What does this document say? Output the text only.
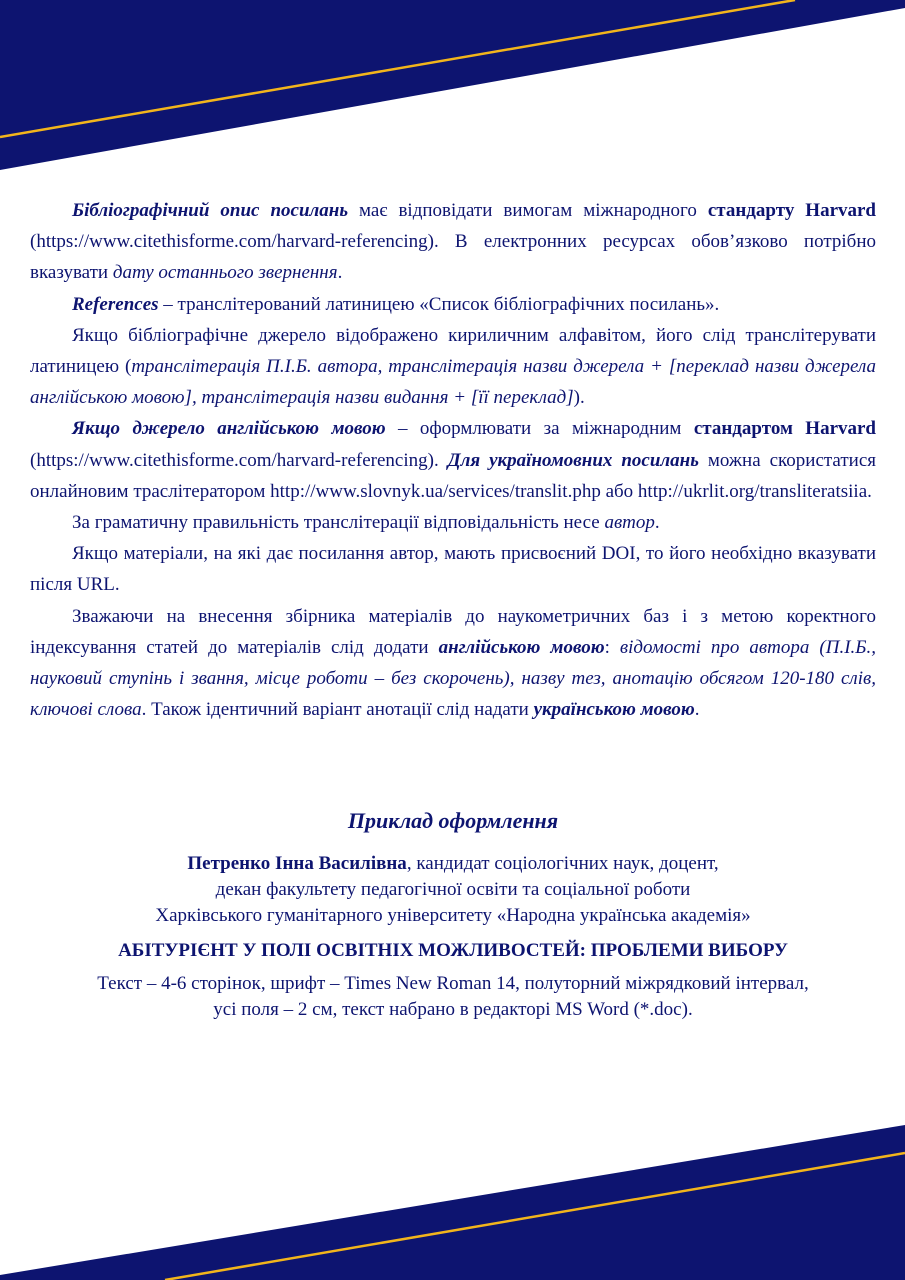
Бібліографічний опис посилань має відповідати вимогам міжнародного стандарту Harvard (https://www.citethisforme.com/harvard-referencing). В електронних ресурсах обов’язково потрібно вказувати дату останнього звернення.

References – транслітерований латиницею «Список бібліографічних посилань».

Якщо бібліографічне джерело відображено кириличним алфавітом, його слід транслітерувати латиницею (транслітерація П.І.Б. автора, транслітерація назви джерела + [переклад назви джерела англійською мовою], транслітерація назви видання + [її переклад]).

Якщо джерело англійською мовою – оформлювати за міжнародним стандартом Harvard (https://www.citethisforme.com/harvard-referencing). Для україномовних посилань можна скористатися онлайновим траслітератором http://www.slovnyk.ua/services/translit.php або http://ukrlit.org/transliteratsiia.

За граматичну правильність транслітерації відповідальність несе автор.

Якщо матеріали, на які дає посилання автор, мають присвоєний DOI, то його необхідно вказувати після URL.

Зважаючи на внесення збірника матеріалів до наукометричних баз і з метою коректного індексування статей до матеріалів слід додати англійською мовою: відомості про автора (П.І.Б., науковий ступінь і звання, місце роботи – без скорочень), назву тез, анотацію обсягом 120-180 слів, ключові слова. Також ідентичний варіант анотації слід надати українською мовою.

Приклад оформлення

Петренко Інна Василівна, кандидат соціологічних наук, доцент,
декан факультету педагогічної освіти та соціальної роботи
Харківського гуманітарного університету «Народна українська академія»

АБІТУРІЄНТ У ПОЛІ ОСВІТНІХ МОЖЛИВОСТЕЙ: ПРОБЛЕМИ ВИБОРУ

Текст – 4-6 сторінок, шрифт – Times New Roman 14, полуторний міжрядковий інтервал,
усі поля – 2 см, текст набрано в редакторі MS Word (*.doc).
